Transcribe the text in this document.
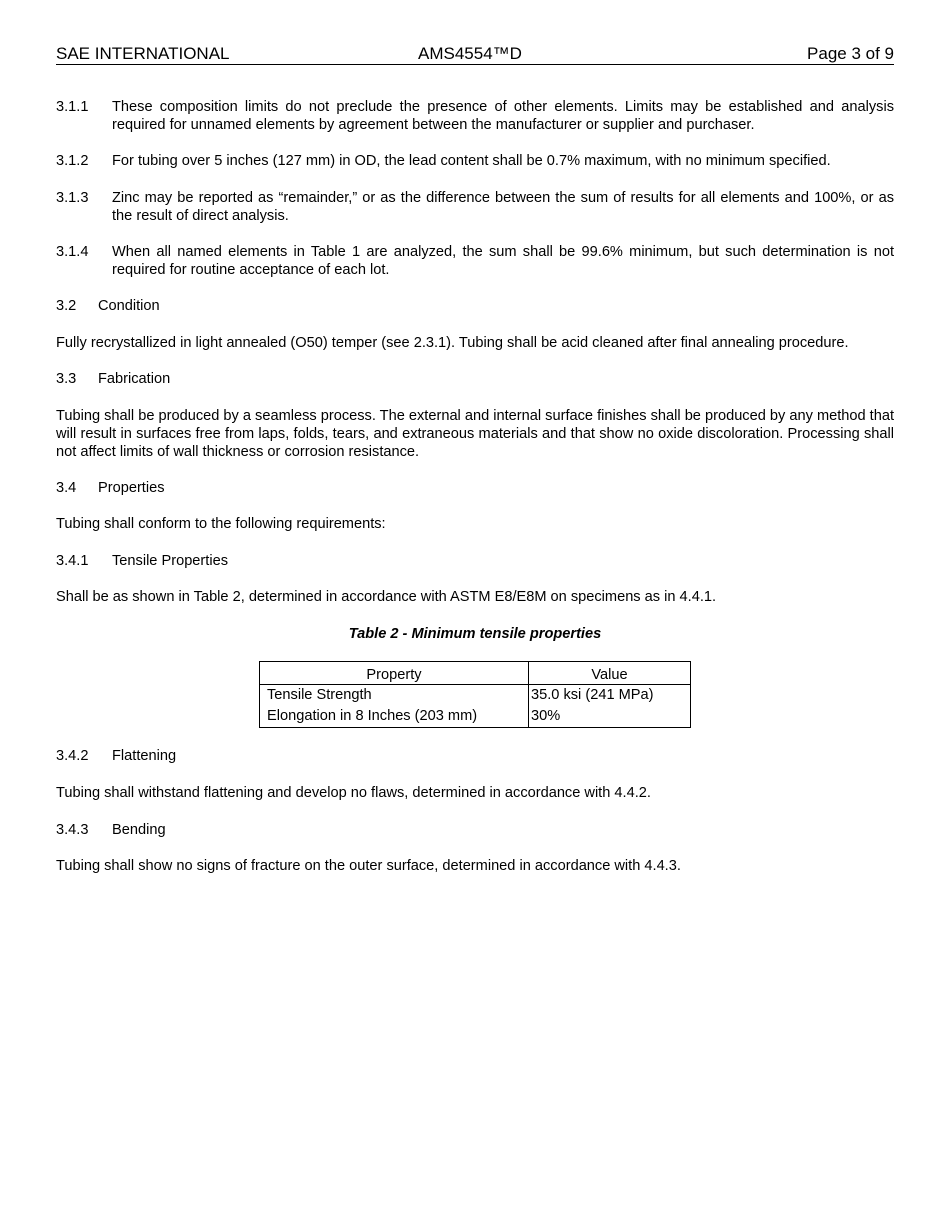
SAE INTERNATIONAL	AMS4554™D	Page 3 of 9
3.1.1 These composition limits do not preclude the presence of other elements. Limits may be established and analysis required for unnamed elements by agreement between the manufacturer or supplier and purchaser.
3.1.2 For tubing over 5 inches (127 mm) in OD, the lead content shall be 0.7% maximum, with no minimum specified.
3.1.3 Zinc may be reported as “remainder,” or as the difference between the sum of results for all elements and 100%, or as the result of direct analysis.
3.1.4 When all named elements in Table 1 are analyzed, the sum shall be 99.6% minimum, but such determination is not required for routine acceptance of each lot.
3.2 Condition
Fully recrystallized in light annealed (O50) temper (see 2.3.1). Tubing shall be acid cleaned after final annealing procedure.
3.3 Fabrication
Tubing shall be produced by a seamless process. The external and internal surface finishes shall be produced by any method that will result in surfaces free from laps, folds, tears, and extraneous materials and that show no oxide discoloration. Processing shall not affect limits of wall thickness or corrosion resistance.
3.4 Properties
Tubing shall conform to the following requirements:
3.4.1 Tensile Properties
Shall be as shown in Table 2, determined in accordance with ASTM E8/E8M on specimens as in 4.4.1.
Table 2 - Minimum tensile properties
Property	Value
Tensile Strength	35.0 ksi (241 MPa)
Elongation in 8 Inches (203 mm)	30%
3.4.2 Flattening
Tubing shall withstand flattening and develop no flaws, determined in accordance with 4.4.2.
3.4.3 Bending
Tubing shall show no signs of fracture on the outer surface, determined in accordance with 4.4.3.
